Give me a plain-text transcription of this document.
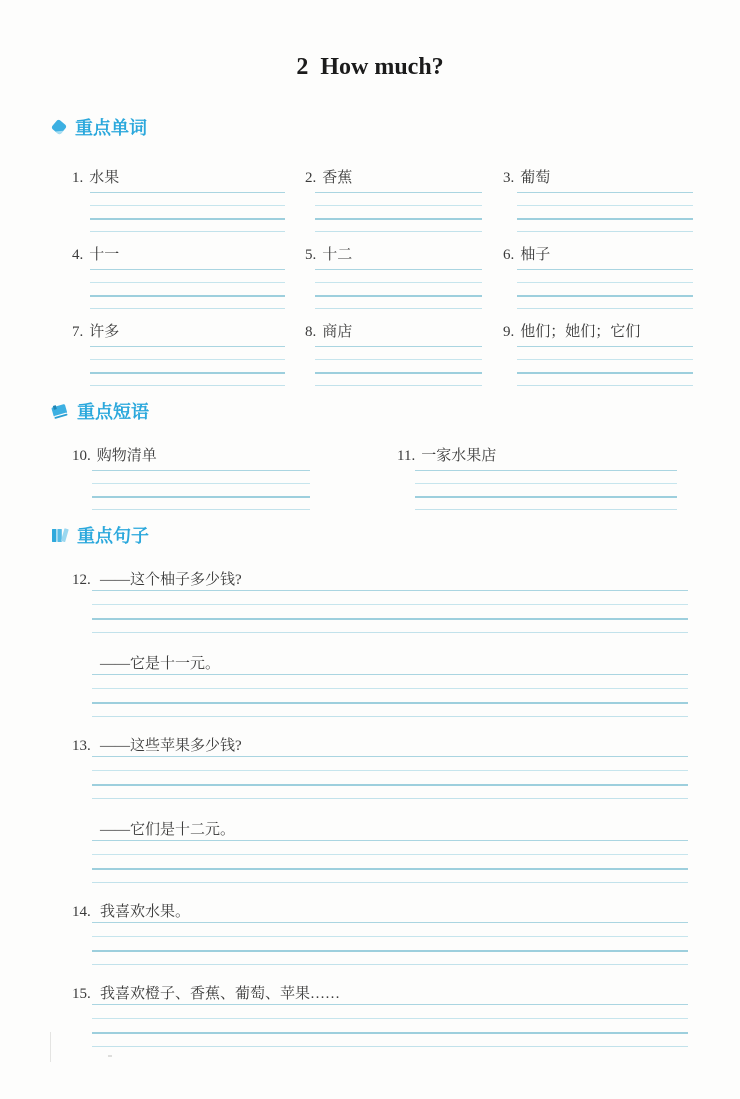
2  How much?
重点单词
1. 水果	2. 香蕉	3. 葡萄
4. 十一	5. 十二	6. 柚子
7. 许多	8. 商店	9. 他们；她们；它们
重点短语
10. 购物清单	11. 一家水果店
重点句子
12. ——这个柚子多少钱?
——它是十一元。
13. ——这些苹果多少钱?
——它们是十二元。
14. 我喜欢水果。
15. 我喜欢橙子、香蕉、葡萄、苹果……
